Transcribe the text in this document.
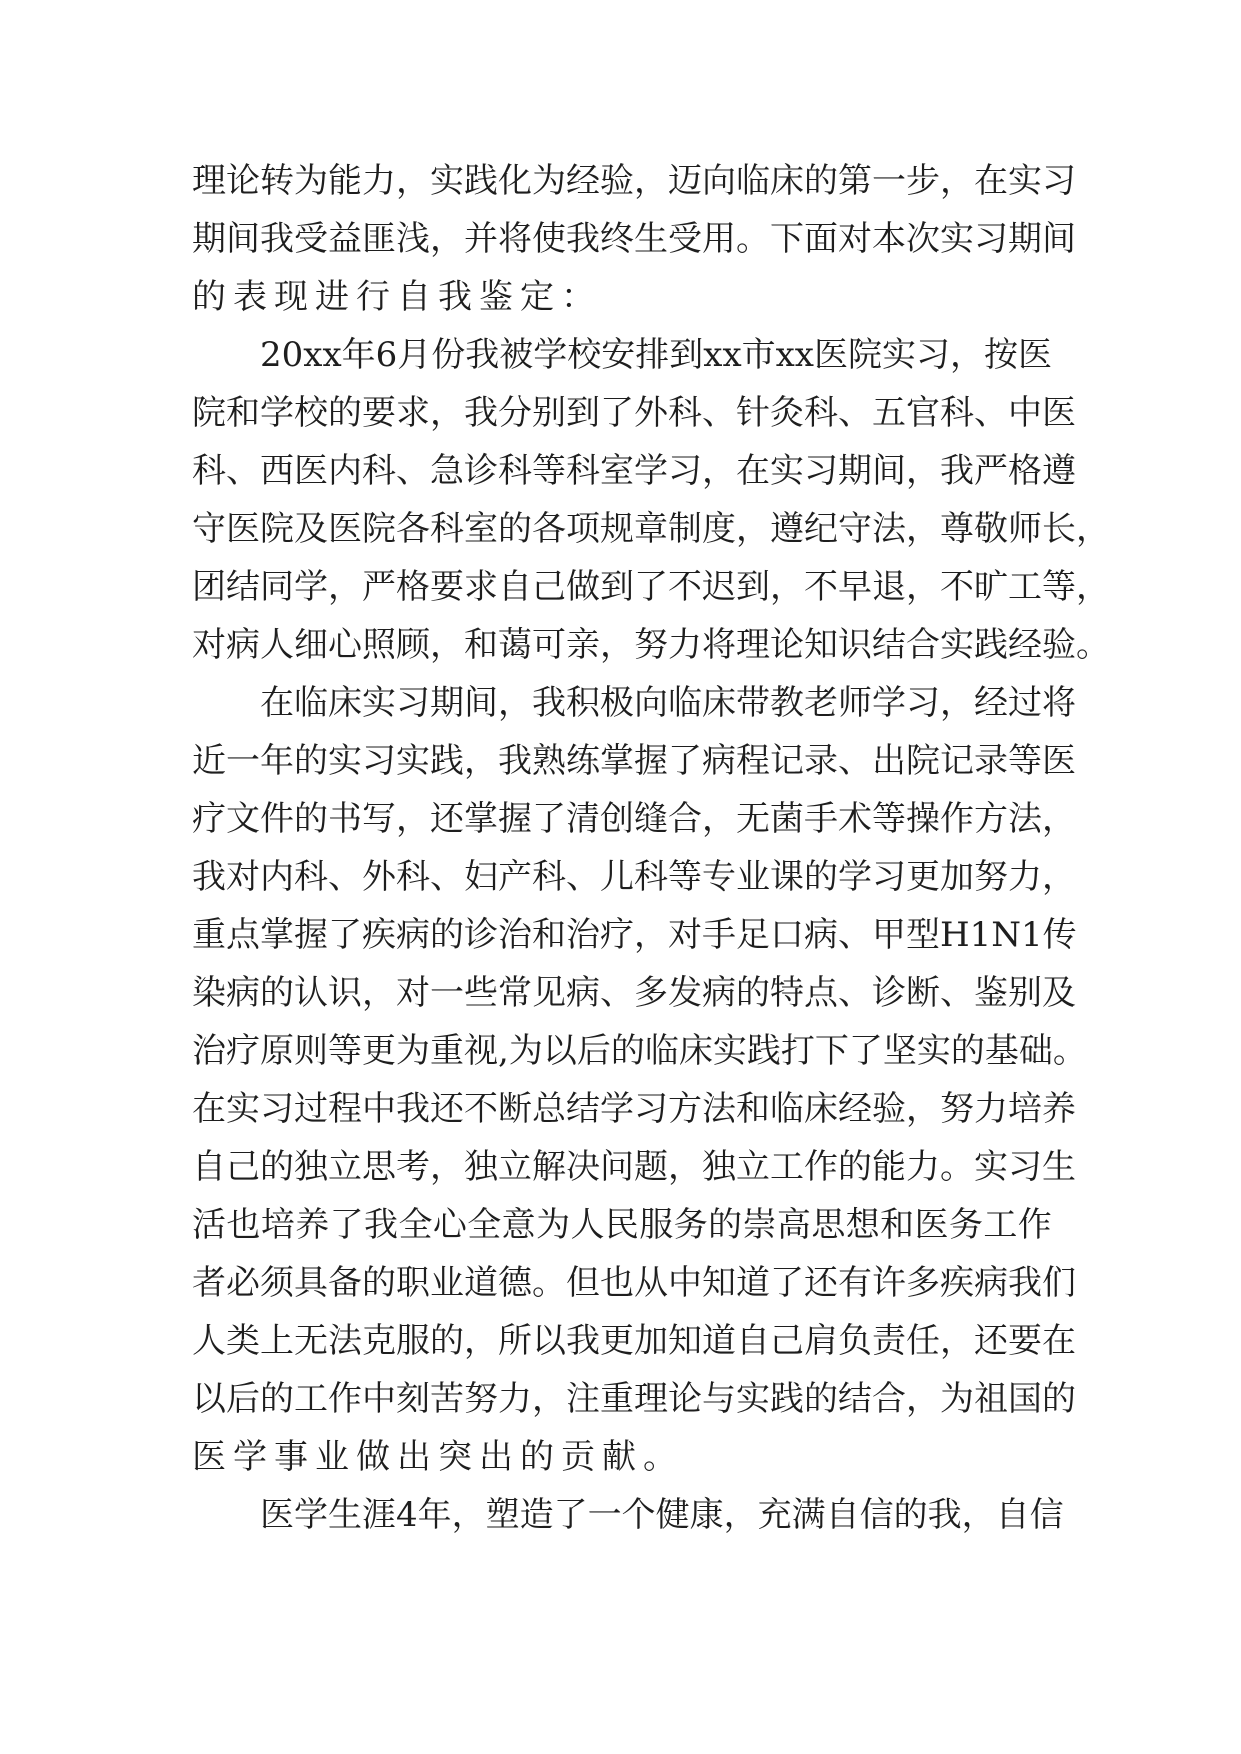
理 论 转 为 能 力 ， 实 践 化 为 经 验 ， 迈 向 临 床 的 第 一 步 ， 在 实 习
期 间 我 受 益 匪 浅 ， 并 将 使 我 终 生 受 用 。 下 面 对 本 次 实 习 期 间
的表现进行自我鉴定：
20xx 年 6 月 份 我 被 学 校 安 排 到 xx 市 xx 医 院 实 习 ， 按 医
院 和 学 校 的 要 求 ， 我 分 别 到 了 外 科 、 针 灸 科 、 五 官 科 、 中 医
科 、 西 医 内 科 、 急 诊 科 等 科 室 学 习 ， 在 实 习 期 间 ， 我 严 格 遵
守 医 院 及 医 院 各 科 室 的 各 项 规 章 制 度 ， 遵 纪 守 法 ， 尊 敬 师 长 ，
团 结 同 学 ， 严 格 要 求 自 己 做 到 了 不 迟 到 ， 不 早 退 ， 不 旷 工 等 ，
对 病 人 细 心 照 顾 ， 和 蔼 可 亲 ， 努 力 将 理 论 知 识 结 合 实 践 经 验 。
在 临 床 实 习 期 间 ， 我 积 极 向 临 床 带 教 老 师 学 习 ， 经 过 将
近 一 年 的 实 习 实 践 ， 我 熟 练 掌 握 了 病 程 记 录 、 出 院 记 录 等 医
疗 文 件 的 书 写 ， 还 掌 握 了 清 创 缝 合 ， 无 菌 手 术 等 操 作 方 法 ，
我 对 内 科 、 外 科 、 妇 产 科 、 儿 科 等 专 业 课 的 学 习 更 加 努 力 ，
重 点 掌 握 了 疾 病 的 诊 治 和 治 疗 ， 对 手 足 口 病 、 甲 型 H1N1 传
染 病 的 认 识 ， 对 一 些 常 见 病 、 多 发 病 的 特 点 、 诊 断 、 鉴 别 及
治 疗 原 则 等 更 为 重 视 , 为 以 后 的 临 床 实 践 打 下 了 坚 实 的 基 础 。
在 实 习 过 程 中 我 还 不 断 总 结 学 习 方 法 和 临 床 经 验 ， 努 力 培 养
自 己 的 独 立 思 考 ， 独 立 解 决 问 题 ， 独 立 工 作 的 能 力 。 实 习 生
活 也 培 养 了 我 全 心 全 意 为 人 民 服 务 的 崇 高 思 想 和 医 务 工 作
者 必 须 具 备 的 职 业 道 德 。 但 也 从 中 知 道 了 还 有 许 多 疾 病 我 们
人 类 上 无 法 克 服 的 ， 所 以 我 更 加 知 道 自 己 肩 负 责 任 ， 还 要 在
以 后 的 工 作 中 刻 苦 努 力 ， 注 重 理 论 与 实 践 的 结 合 ， 为 祖 国 的
医学事业做出突出的贡献。
医 学 生 涯 4 年 ， 塑 造 了 一 个 健 康 ， 充 满 自 信 的 我 ， 自 信
